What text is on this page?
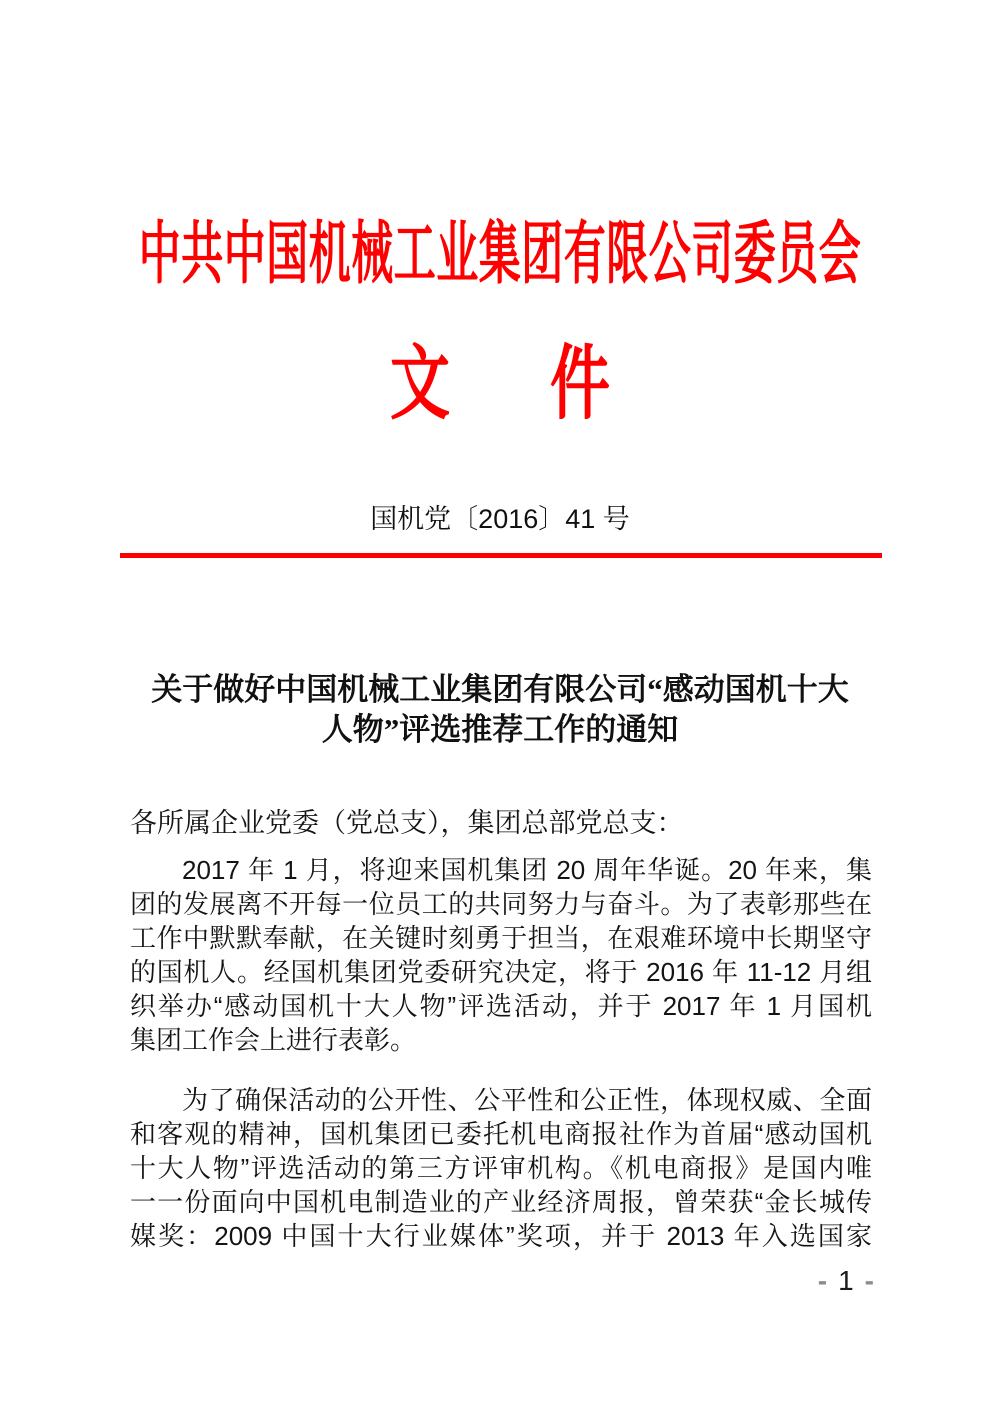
中共中国机械工业集团有限公司委员会
文 件
国机党〔2016〕41 号
关于做好中国机械工业集团有限公司“感动国机十大
人物”评选推荐工作的通知

各所属企业党委（党总支），集团总部党总支：

2017 年 1 月，将迎来国机集团 20 周年华诞。20 年来，集
团的发展离不开每一位员工的共同努力与奋斗。为了表彰那些在
工作中默默奉献，在关键时刻勇于担当，在艰难环境中长期坚守
的国机人。经国机集团党委研究决定，将于 2016 年 11-12 月组
织举办“感动国机十大人物”评选活动，并于 2017 年 1 月国机
集团工作会上进行表彰。
为了确保活动的公开性、公平性和公正性，体现权威、全面
和客观的精神，国机集团已委托机电商报社作为首届“感动国机
十大人物”评选活动的第三方评审机构。《机电商报》是国内唯
一一份面向中国机电制造业的产业经济周报，曾荣获“金长城传
媒奖：2009 中国十大行业媒体”奖项，并于 2013 年入选国家
- 1 -
